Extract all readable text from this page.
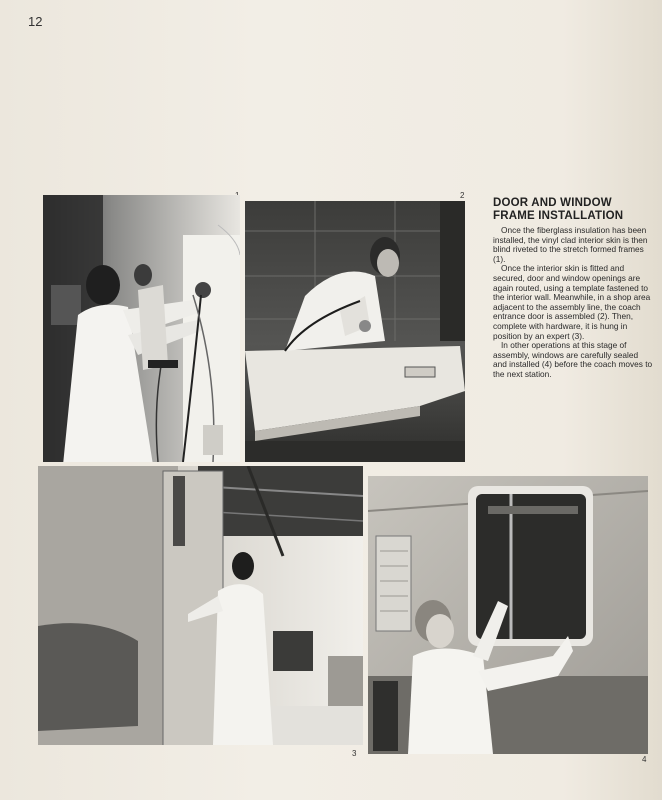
12
2
DOOR AND WINDOW
FRAME INSTALLATION

Once the fiberglass insulation has been installed, the vinyl clad interior skin is then blind riveted to the stretch formed frames (1).

Once the interior skin is fitted and secured, door and window openings are again routed, using a template fastened to the interior wall. Meanwhile, in a shop area adjacent to the assembly line, the coach entrance door is assembled (2). Then, complete with hardware, it is hung in position by an expert (3).

In other operations at this stage of assembly, windows are carefully sealed and installed (4) before the coach moves to the next station.

3
4
